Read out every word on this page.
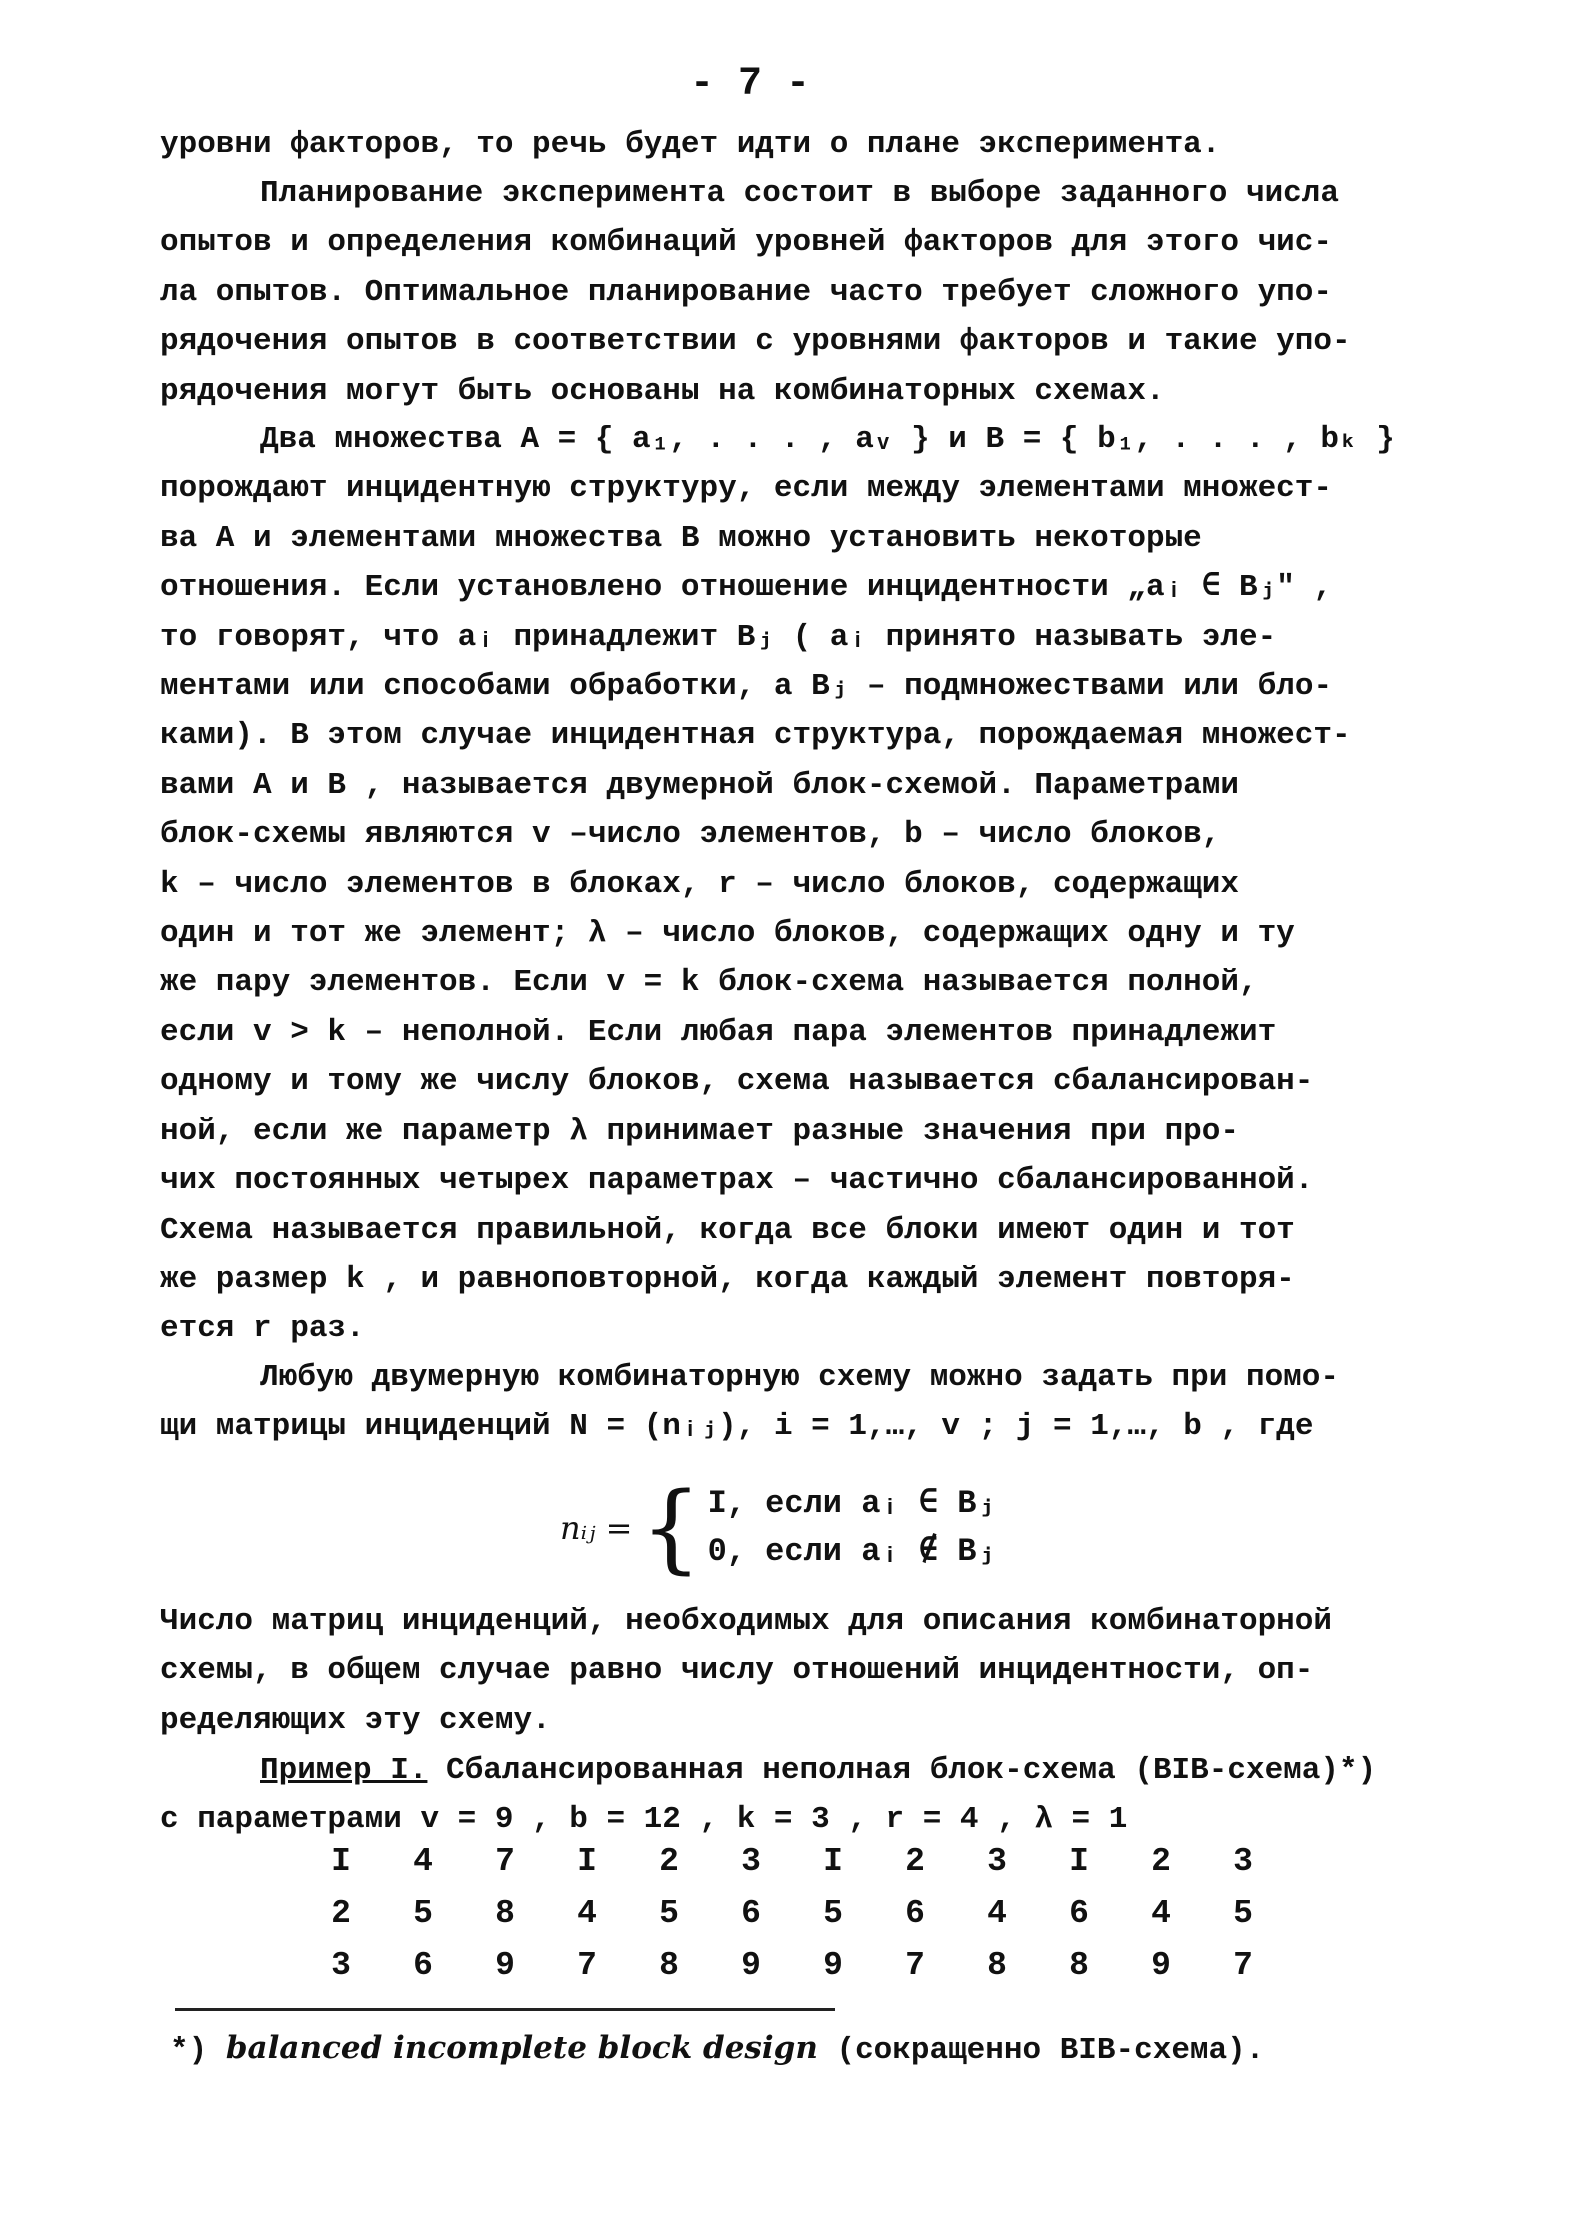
- 7 -
уровни факторов, то речь будет идти о плане эксперимента.
Планирование эксперимента состоит в выборе заданного числа
опытов и определения комбинаций уровней факторов для этого чис-
ла опытов. Оптимальное планирование часто требует сложного упо-
рядочения опытов в соответствии с уровнями факторов и такие упо-
рядочения могут быть основаны на комбинаторных схемах.
Два множества A = { a₁, . . . , aᵥ } и B = { b₁, . . . , bₖ }
порождают инцидентную структуру, если между элементами множест-
ва A и элементами множества B можно установить некоторые
отношения. Если установлено отношение инцидентности „aᵢ ∈ Bⱼ" ,
то говорят, что aᵢ принадлежит Bⱼ ( aᵢ принято называть эле-
ментами или способами обработки, а Bⱼ – подмножествами или бло-
ками). В этом случае инцидентная структура, порождаемая множест-
вами A и B , называется двумерной блок-схемой. Параметрами
блок-схемы являются v –число элементов, b – число блоков,
k – число элементов в блоках, r – число блоков, содержащих
один и тот же элемент; λ – число блоков, содержащих одну и ту
же пару элементов. Если v = k блок-схема называется полной,
если v > k – неполной. Если любая пара элементов принадлежит
одному и тому же числу блоков, схема называется сбалансирован-
ной, если же параметр λ принимает разные значения при про-
чих постоянных четырех параметрах – частично сбалансированной.
Схема называется правильной, когда все блоки имеют один и тот
же размер k , и равноповторной, когда каждый элемент повторя-
ется r раз.
Любую двумерную комбинаторную схему можно задать при помо-
щи матрицы инциденций N = (nᵢⱼ), i = 1,…, v ; j = 1,…, b , где
nᵢⱼ = { I, если aᵢ ∈ Bⱼ
0, если aᵢ ∉ Bⱼ
Число матриц инциденций, необходимых для описания комбинаторной
схемы, в общем случае равно числу отношений инцидентности, оп-
ределяющих эту схему.
Пример I. Сбалансированная неполная блок-схема (BIB-схема)*)
с параметрами v = 9 , b = 12 , k = 3 , r = 4 , λ = 1
I	4	7	I	2	3	I	2	3	I	2	3
2	5	8	4	5	6	5	6	4	6	4	5
3	6	9	7	8	9	9	7	8	8	9	7
*) balanced incomplete block design (сокращенно BIB-схема).
